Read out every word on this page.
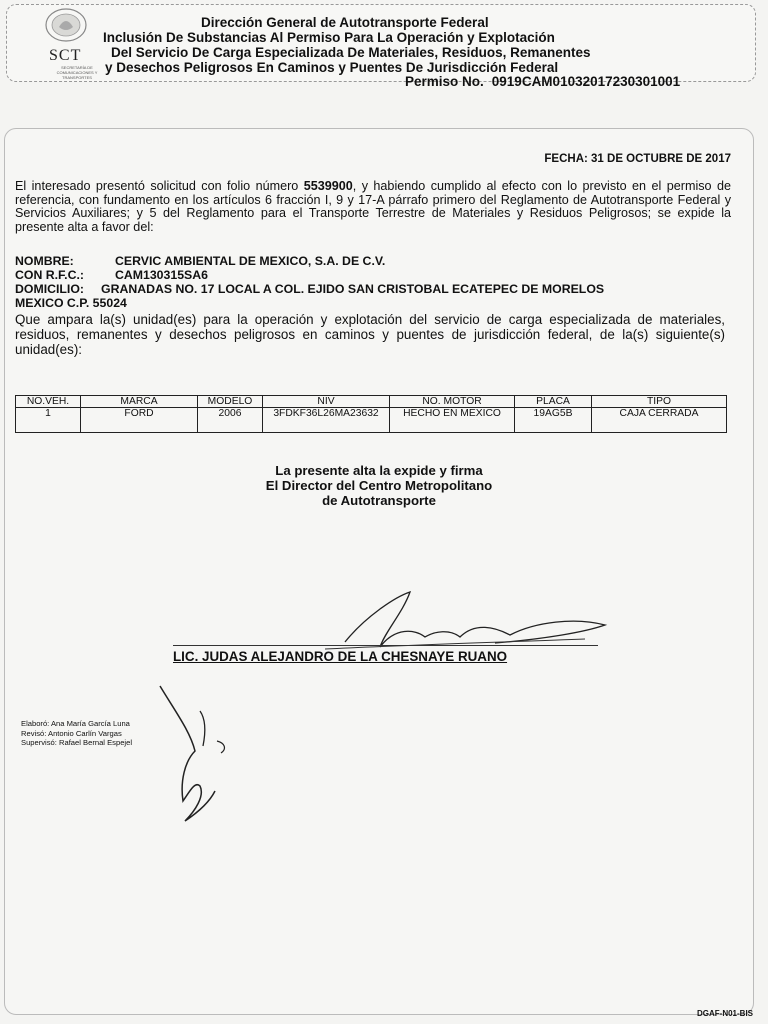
SCT
SECRETARÍA DE COMUNICACIONES Y TRANSPORTES
Dirección General de Autotransporte Federal
Inclusión De Substancias Al Permiso Para La Operación y Explotación
Del Servicio De Carga Especializada De Materiales, Residuos, Remanentes
y Desechos Peligrosos En Caminos y Puentes De Jurisdicción Federal
Permiso No. 0919CAM01032017230301001
FECHA: 31 DE OCTUBRE DE 2017
El interesado presentó solicitud con folio número 5539900, y habiendo cumplido al efecto con lo previsto en el permiso de referencia, con fundamento en los artículos 6 fracción I, 9 y 17-A párrafo primero del Reglamento de Autotransporte Federal y Servicios Auxiliares; y 5 del Reglamento para el Transporte Terrestre de Materiales y Residuos Peligrosos; se expide la presente alta a favor del:
NOMBRE:	CERVIC AMBIENTAL DE MEXICO, S.A. DE C.V.
CON R.F.C.:	CAM130315SA6
DOMICILIO: GRANADAS NO. 17 LOCAL A COL. EJIDO SAN CRISTOBAL ECATEPEC DE MORELOS
MEXICO C.P. 55024
Que ampara la(s) unidad(es) para la operación y explotación del servicio de carga especializada de materiales, residuos, remanentes y desechos peligrosos en caminos y puentes de jurisdicción federal, de la(s) siguiente(s) unidad(es):
NO.VEH.	MARCA	MODELO	NIV	NO. MOTOR	PLACA	TIPO
1	FORD	2006	3FDKF36L26MA23632	HECHO EN MEXICO	19AG5B	CAJA CERRADA
La presente alta la expide y firma
El Director del Centro Metropolitano
de Autotransporte
LIC. JUDAS ALEJANDRO DE LA CHESNAYE RUANO
Elaboró: Ana María García Luna
Revisó: Antonio Carlín Vargas
Supervisó: Rafael Bernal Espejel
DGAF-N01-BIS
